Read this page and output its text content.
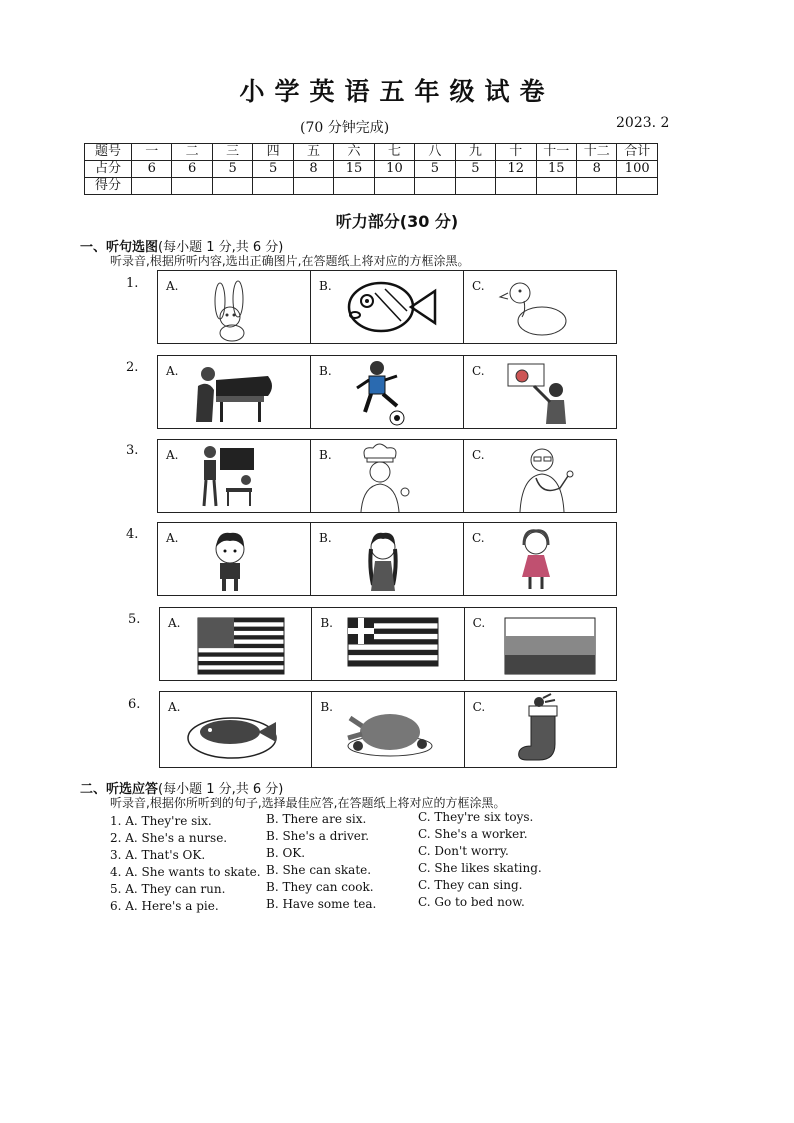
小学英语五年级试卷
(70 分钟完成)	2023. 2
题号	一	二	三	四	五	六	七	八	九	十	十一	十二	合计
占分	6	6	5	5	8	15	10	5	5	12	15	8	100
得分													
听力部分(30 分)
一、听句选图(每小题 1 分,共 6 分)
听录音,根据所听内容,选出正确图片,在答题纸上将对应的方框涂黑。
1. A.	B.	C.
2. A.	B.	C.
3. A.	B.	C.
4. A.	B.	C.
5. A.	B.	C.
6. A.	B.	C.
二、听选应答(每小题 1 分,共 6 分)
听录音,根据你所听到的句子,选择最佳应答,在答题纸上将对应的方框涂黑。
1. A. They're six.	B. There are six.	C. They're six toys.
2. A. She's a nurse.	B. She's a driver.	C. She's a worker.
3. A. That's OK.	B. OK.	C. Don't worry.
4. A. She wants to skate. B. She can skate.	C. She likes skating.
5. A. They can run.	B. They can cook.	C. They can sing.
6. A. Here's a pie.	B. Have some tea.	C. Go to bed now.
